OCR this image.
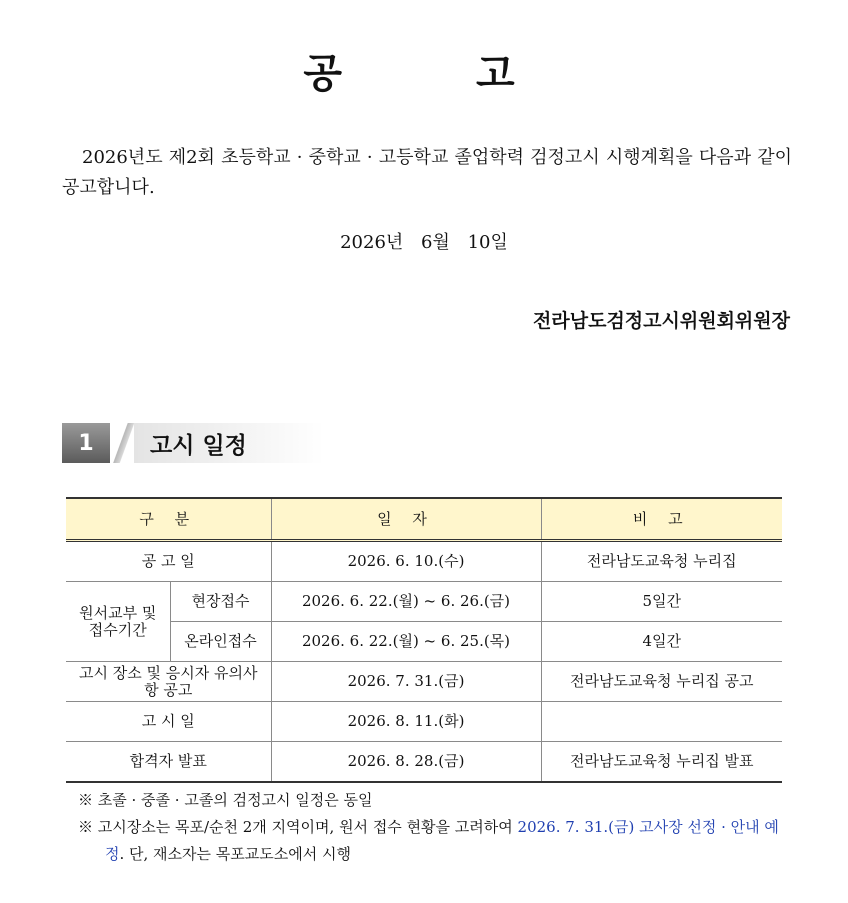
공 고
2026년도 제2회 초등학교 · 중학교 · 고등학교 졸업학력 검정고시 시행계획을 다음과 같이 공고합니다.
2026년 6월 10일
전라남도검정고시위원회위원장
1	고시 일정
구 분		일 자	비 고
공 고 일		2026. 6. 10.(수)	전라남도교육청 누리집
원서교부 및 접수기간	현장접수	2026. 6. 22.(월) ~ 6. 26.(금)	5일간
	온라인접수	2026. 6. 22.(월) ~ 6. 25.(목)	4일간
고시 장소 및 응시자 유의사항 공고		2026. 7. 31.(금)	전라남도교육청 누리집 공고
고 시 일		2026. 8. 11.(화)	
합격자 발표		2026. 8. 28.(금)	전라남도교육청 누리집 발표
※ 초졸 · 중졸 · 고졸의 검정고시 일정은 동일
※ 고시장소는 목포/순천 2개 지역이며, 원서 접수 현황을 고려하여 2026. 7. 31.(금) 고사장 선정 · 안내 예정. 단, 재소자는 목포교도소에서 시행
